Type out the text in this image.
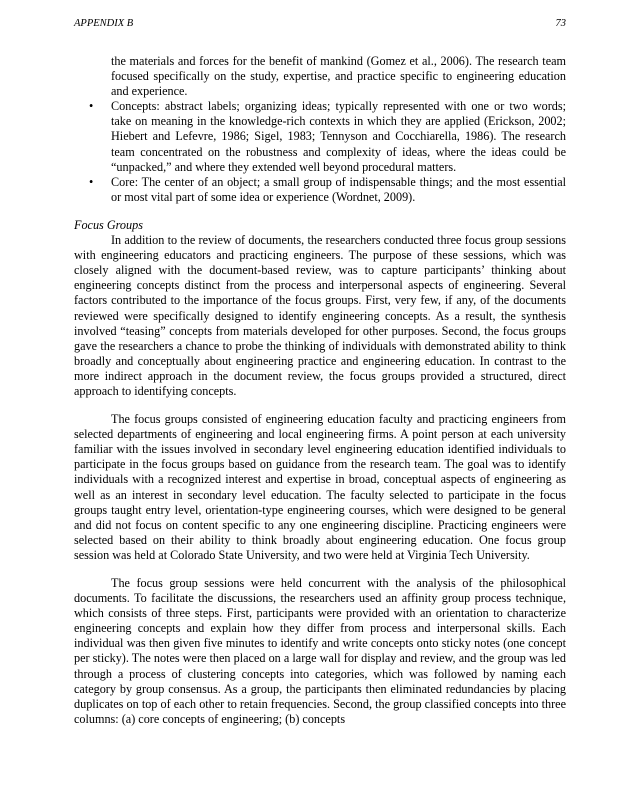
APPENDIX B	73

the materials and forces for the benefit of mankind (Gomez et al., 2006). The research team focused specifically on the study, expertise, and practice specific to engineering education and experience.

• Concepts: abstract labels; organizing ideas; typically represented with one or two words; take on meaning in the knowledge-rich contexts in which they are applied (Erickson, 2002; Hiebert and Lefevre, 1986; Sigel, 1983; Tennyson and Cocchiarella, 1986). The research team concentrated on the robustness and complexity of ideas, where the ideas could be “unpacked,” and where they extended well beyond procedural matters.
• Core: The center of an object; a small group of indispensable things; and the most essential or most vital part of some idea or experience (Wordnet, 2009).

Focus Groups

In addition to the review of documents, the researchers conducted three focus group sessions with engineering educators and practicing engineers. The purpose of these sessions, which was closely aligned with the document-based review, was to capture participants’ thinking about engineering concepts distinct from the process and interpersonal aspects of engineering. Several factors contributed to the importance of the focus groups. First, very few, if any, of the documents reviewed were specifically designed to identify engineering concepts. As a result, the synthesis involved “teasing” concepts from materials developed for other purposes. Second, the focus groups gave the researchers a chance to probe the thinking of individuals with demonstrated ability to think broadly and conceptually about engineering practice and engineering education. In contrast to the more indirect approach in the document review, the focus groups provided a structured, direct approach to identifying concepts.

The focus groups consisted of engineering education faculty and practicing engineers from selected departments of engineering and local engineering firms. A point person at each university familiar with the issues involved in secondary level engineering education identified individuals to participate in the focus groups based on guidance from the research team. The goal was to identify individuals with a recognized interest and expertise in broad, conceptual aspects of engineering as well as an interest in secondary level education. The faculty selected to participate in the focus groups taught entry level, orientation-type engineering courses, which were designed to be general and did not focus on content specific to any one engineering discipline. Practicing engineers were selected based on their ability to think broadly about engineering education. One focus group session was held at Colorado State University, and two were held at Virginia Tech University.

The focus group sessions were held concurrent with the analysis of the philosophical documents. To facilitate the discussions, the researchers used an affinity group process technique, which consists of three steps. First, participants were provided with an orientation to characterize engineering concepts and explain how they differ from process and interpersonal skills. Each individual was then given five minutes to identify and write concepts onto sticky notes (one concept per sticky). The notes were then placed on a large wall for display and review, and the group was led through a process of clustering concepts into categories, which was followed by naming each category by group consensus. As a group, the participants then eliminated redundancies by placing duplicates on top of each other to retain frequencies. Second, the group classified concepts into three columns: (a) core concepts of engineering; (b) concepts
